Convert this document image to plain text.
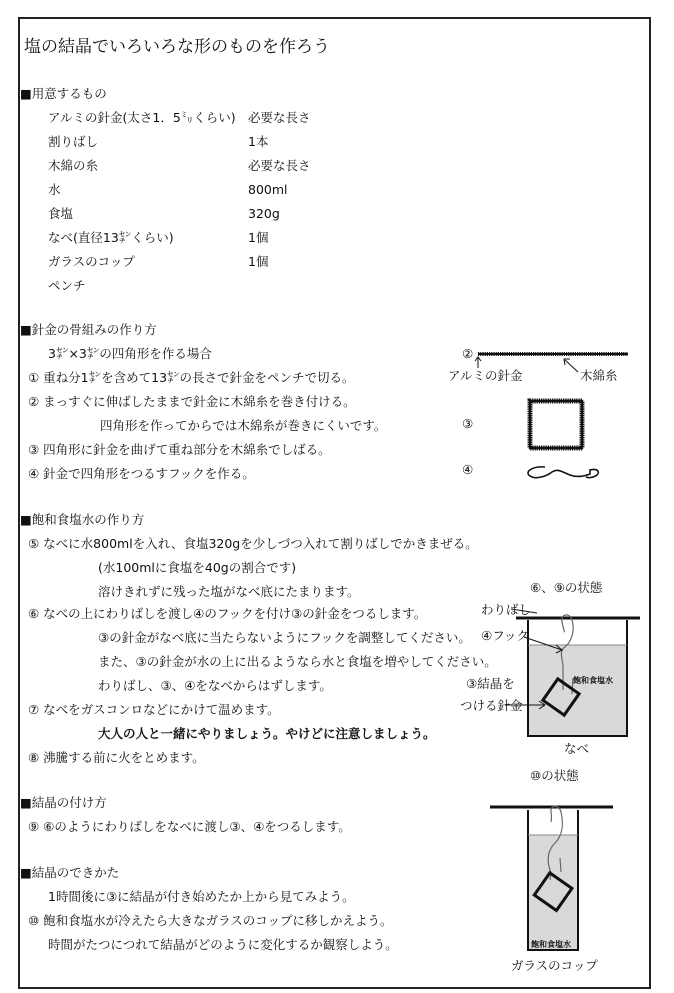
塩の結晶でいろいろな形のものを作ろう
■用意するもの
アルミの針金(太さ1．5㍉くらい) 必要な長さ
割りばし	1本
木綿の糸	必要な長さ
水	800ml
食塩	320g
なべ(直径13㌢くらい)	1個
ガラスのコップ	1個
ペンチ
■針金の骨組みの作り方
3㌢×3㌢の四角形を作る場合
① 重ね分1㌢を含めて13㌢の長さで針金をペンチで切る。
② まっすぐに伸ばしたままで針金に木綿糸を巻き付ける。
四角形を作ってからでは木綿糸が巻きにくいです。
③ 四角形に針金を曲げて重ね部分を木綿糸でしばる。
④ 針金で四角形をつるすフックを作る。
②
アルミの針金	木綿糸
③
④
⑥、⑨の状態
わりばし
④フック
③結晶を
つける針金
飽和食塩水
なべ
⑩の状態
飽和食塩水
ガラスのコップ
■飽和食塩水の作り方
⑤ なべに水800mlを入れ、食塩320gを少しづつ入れて割りばしでかきまぜる。
(水100mlに食塩を40gの割合です)
溶けきれずに残った塩がなべ底にたまります。
⑥ なべの上にわりばしを渡し④のフックを付け③の針金をつるします。
③の針金がなべ底に当たらないようにフックを調整してください。
また、③の針金が水の上に出るようなら水と食塩を増やしてください。
わりばし、③、④をなべからはずします。
⑦ なべをガスコンロなどにかけて温めます。
大人の人と一緒にやりましょう。やけどに注意しましょう。
⑧ 沸騰する前に火をとめます。
■結晶の付け方
⑨ ⑥のようにわりばしをなべに渡し③、④をつるします。
■結晶のできかた
1時間後に③に結晶が付き始めたか上から見てみよう。
⑩ 飽和食塩水が冷えたら大きなガラスのコップに移しかえよう。
時間がたつにつれて結晶がどのように変化するか観察しよう。
